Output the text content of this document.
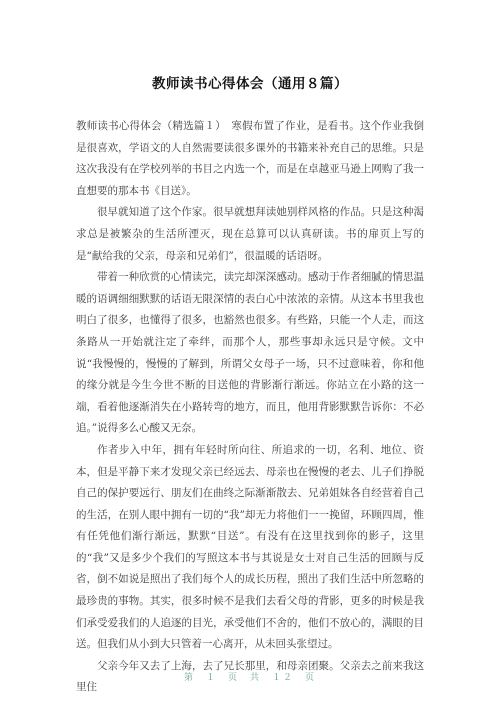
教师读书心得体会（通用８篇）

教师读书心得体会（精选篇１）　寒假布置了作业，是看书。这个作业我倒是很喜欢，学语文的人自然需要读很多课外的书籍来补充自己的思维。只是这次我没有在学校列举的书目之内选一个，而是在卓越亚马逊上网购了我一直想要的那本书《目送》。

很早就知道了这个作家。很早就想拜读她别样风格的作品。只是这种渴求总是被繁杂的生活所湮灭，现在总算可以认真研读。书的扉页上写的是“献给我的父亲，母亲和兄弟们”，很温暖的话语呀。

带着一种欣赏的心情读完，读完却深深感动。感动于作者细腻的情思温暖的语调细细默默的话语无限深情的表白心中浓浓的亲情。从这本书里我也明白了很多，也懂得了很多，也豁然也很多。有些路，只能一个人走，而这条路从一开始就注定了牵绊，而那个人，那些事却永远只是守候。文中说“我慢慢的，慢慢的了解到，所谓父女母子一场，只不过意味着，你和他的缘分就是今生今世不断的目送他的背影渐行渐远。你站立在小路的这一端，看着他逐渐消失在小路转弯的地方，而且，他用背影默默告诉你：不必追。”说得多么心酸又无奈。

作者步入中年，拥有年轻时所向往、所追求的一切，名利、地位、资本，但是平静下来才发现父亲已经远去、母亲也在慢慢的老去、儿子们挣脱自己的保护要远行、朋友们在曲终之际渐渐散去、兄弟姐妹各自经营着自己的生活，在别人眼中拥有一切的“我”却无力将他们一一挽留，环顾四周，惟有任凭他们渐行渐远，默默“目送”。有没有在这里找到你的影子，这里的“我”又是多少个我们的写照这本书与其说是女士对自己生活的回顾与反省，倒不如说是照出了我们每个人的成长历程，照出了我们生活中所忽略的最珍贵的事物。其实，很多时候不是我们去看父母的背影，更多的时候是我们承受爱我们的人追逐的目光，承受他们不舍的，他们不放心的，满眼的目送。但我们从小到大只管着一心离开，从未回头张望过。

父亲今年又去了上海，去了兄长那里，和母亲团聚。父亲去之前来我这里住

第　１　页　共　１２　页
